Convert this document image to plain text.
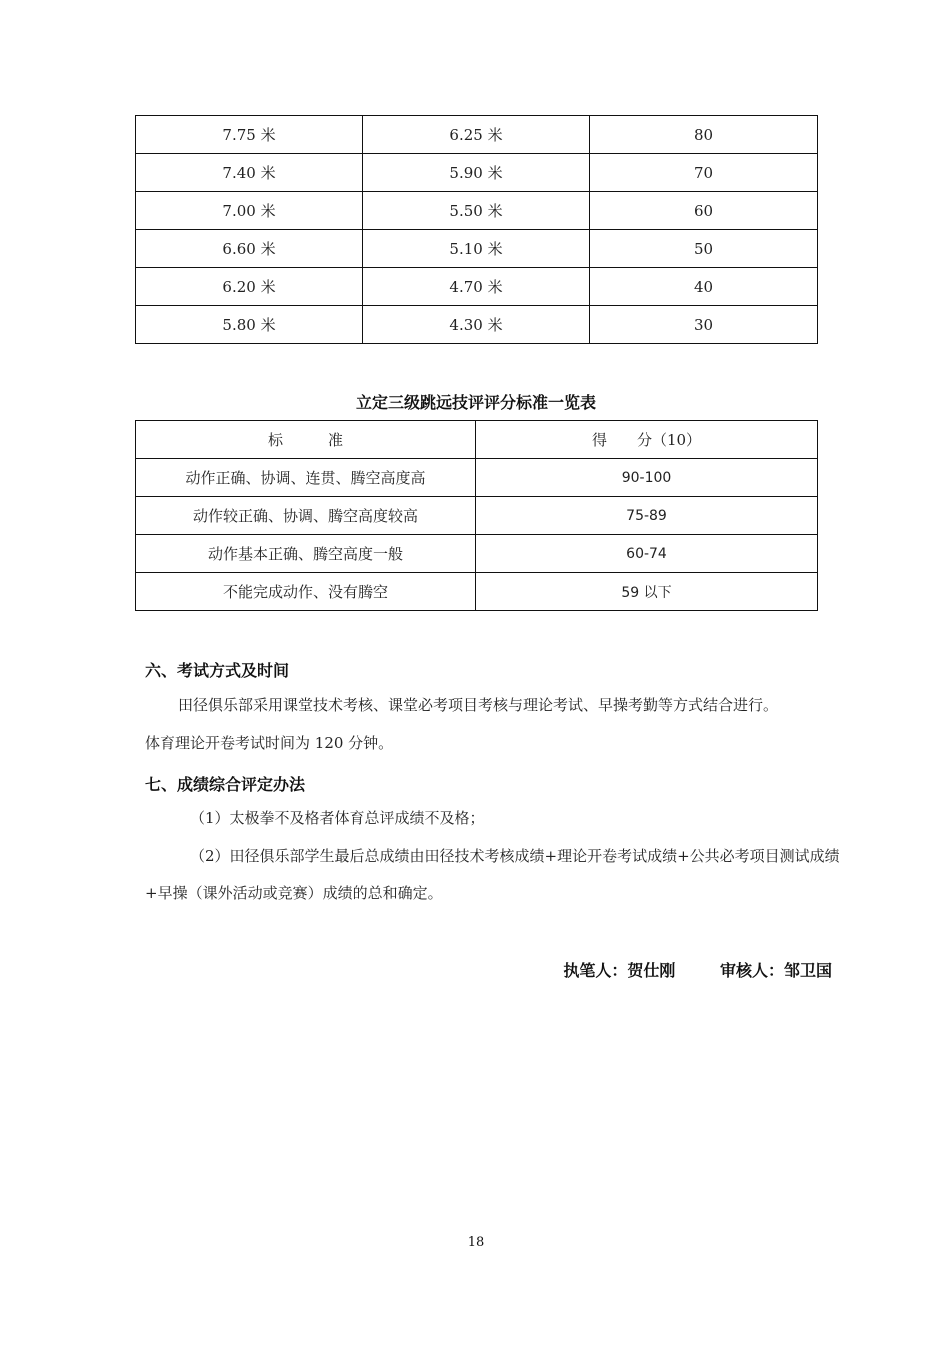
7.75 米	6.25 米	80
7.40 米	5.90 米	70
7.00 米	5.50 米	60
6.60 米	5.10 米	50
6.20 米	4.70 米	40
5.80 米	4.30 米	30
立定三级跳远技评评分标准一览表
标　　　准	得　　分（10）
动作正确、协调、连贯、腾空高度高	90-100
动作较正确、协调、腾空高度较高	75-89
动作基本正确、腾空高度一般	60-74
不能完成动作、没有腾空	59 以下
六、考试方式及时间
田径俱乐部采用课堂技术考核、课堂必考项目考核与理论考试、早操考勤等方式结合进行。
体育理论开卷考试时间为 120 分钟。
七、成绩综合评定办法
（1）太极拳不及格者体育总评成绩不及格；
（2）田径俱乐部学生最后总成绩由田径技术考核成绩+理论开卷考试成绩+公共必考项目测试成绩+早操（课外活动或竞赛）成绩的总和确定。
执笔人：贺仕刚	审核人：邹卫国
18
